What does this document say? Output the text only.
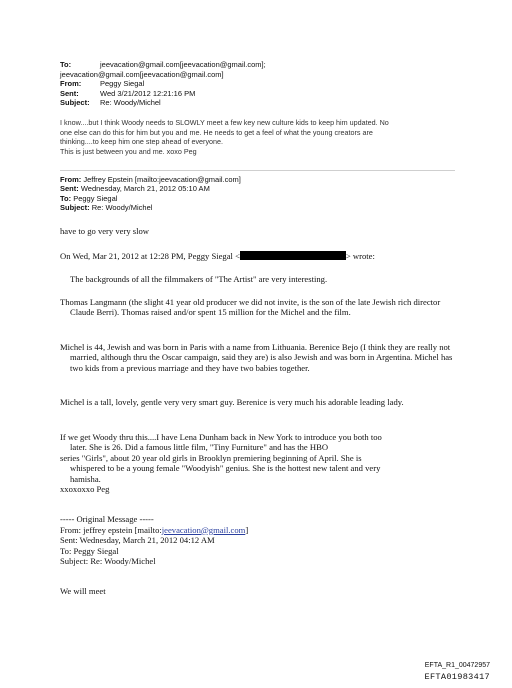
To:	jeevacation@gmail.com[jeevacation@gmail.com];
jeevacation@gmail.com[jeevacation@gmail.com]
From:	Peggy Siegal
Sent:	Wed 3/21/2012 12:21:16 PM
Subject: Re: Woody/Michel
I know....but I think Woody needs to SLOWLY meet a few key new culture kids to keep him updated. No
one else can do this for him but you and me. He needs to get a feel of what the young creators are
thinking....to keep him one step ahead of everyone.
This is just between you and me. xoxo Peg
From: Jeffrey Epstein [mailto:jeevacation@gmail.com]
Sent: Wednesday, March 21, 2012 05:10 AM
To: Peggy Siegal
Subject: Re: Woody/Michel
have to go very very slow
On Wed, Mar 21, 2012 at 12:28 PM, Peggy Siegal <	> wrote:
The backgrounds of all the filmmakers of "The Artist" are very interesting.
Thomas Langmann (the slight 41 year old producer we did not invite, is the son of the late Jewish rich director Claude Berri). Thomas raised and/or spent 15 million for the Michel and the film.
Michel is 44, Jewish and was born in Paris with a name from Lithuania. Berenice Bejo (I think they are really not married, although thru the Oscar campaign, said they are) is also Jewish and was born in Argentina. Michel has two kids from a previous marriage and they have two babies together.
Michel is a tall, lovely, gentle very very smart guy. Berenice is very much his adorable leading lady.
If we get Woody thru this....I have Lena Dunham back in New York to introduce you both too
later. She is 26. Did a famous little film, "Tiny Furniture" and has the HBO
series "Girls", about 20 year old girls in Brooklyn premiering beginning of April. She is
whispered to be a young female "Woodyish" genius. She is the hottest new talent and very
hamisha.
xxoxoxxo Peg
----- Original Message -----
From: jeffrey epstein [mailto:jeevacation@gmail.com]
Sent: Wednesday, March 21, 2012 04:12 AM
To: Peggy Siegal
Subject: Re: Woody/Michel
We will meet
EFTA_R1_00472957
EFTA01983417
